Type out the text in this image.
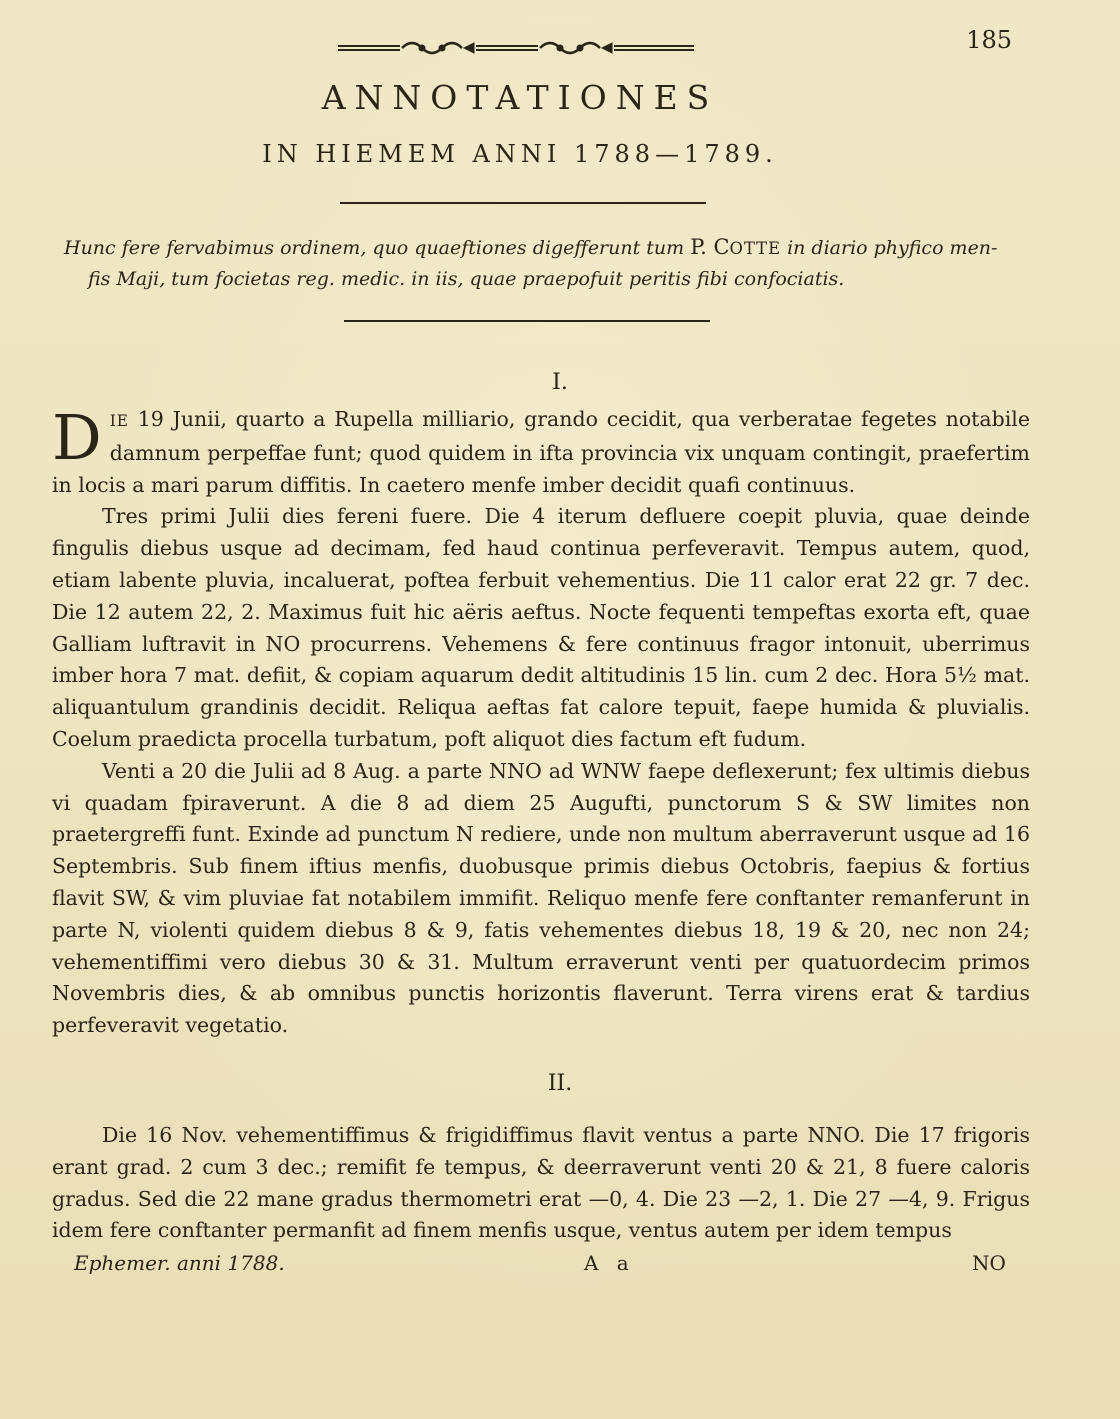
185
ANNOTATIONES
IN HIEMEM ANNI 1788—1789.
Hunc fere fervabimus ordinem, quo quaeftiones digefferunt tum P. COTTE in diario phyfico men-
fis Maji, tum focietas reg. medic. in iis, quae praepofuit peritis fibi confociatis.
I.

DIE 19 Junii, quarto a Rupella milliario, grando cecidit, qua verberatae fegetes notabile damnum perpeffae funt; quod quidem in ifta provincia vix unquam contingit, praefertim in locis a mari parum diffitis. In caetero menfe imber decidit quafi continuus.

Tres primi Julii dies fereni fuere. Die 4 iterum defluere coepit pluvia, quae deinde fingulis diebus usque ad decimam, fed haud continua perfeveravit. Tempus autem, quod, etiam labente pluvia, incaluerat, poftea ferbuit vehementius. Die 11 calor erat 22 gr. 7 dec. Die 12 autem 22, 2. Maximus fuit hic aëris aeftus. Nocte fequenti tempeftas exorta eft, quae Galliam luftravit in NO procurrens. Vehemens & fere continuus fragor intonuit, uberrimus imber hora 7 mat. defiit, & copiam aquarum dedit altitudinis 15 lin. cum 2 dec. Hora 5½ mat. aliquantulum grandinis decidit. Reliqua aeftas fat calore tepuit, faepe humida & pluvialis. Coelum praedicta procella turbatum, poft aliquot dies factum eft fudum.

Venti a 20 die Julii ad 8 Aug. a parte NNO ad WNW faepe deflexerunt; fex ultimis diebus vi quadam fpiraverunt. A die 8 ad diem 25 Augufti, punctorum S & SW limites non praetergreffi funt. Exinde ad punctum N rediere, unde non multum aberraverunt usque ad 16 Septembris. Sub finem iftius menfis, duobusque primis diebus Octobris, faepius & fortius flavit SW, & vim pluviae fat notabilem immifit. Reliquo menfe fere conftanter remanferunt in parte N, violenti quidem diebus 8 & 9, fatis vehementes diebus 18, 19 & 20, nec non 24; vehementiffimi vero diebus 30 & 31. Multum erraverunt venti per quatuordecim primos Novembris dies, & ab omnibus punctis horizontis flaverunt. Terra virens erat & tardius perfeveravit vegetatio.

II.

Die 16 Nov. vehementiffimus & frigidiffimus flavit ventus a parte NNO. Die 17 frigoris erant grad. 2 cum 3 dec.; remifit fe tempus, & deerraverunt venti 20 & 21, 8 fuere caloris gradus. Sed die 22 mane gradus thermometri erat —0, 4. Die 23 —2, 1. Die 27 —4, 9. Frigus idem fere conftanter permanfit ad finem menfis usque, ventus autem per idem tempus

Ephemer. anni 1788.	A a	NO
